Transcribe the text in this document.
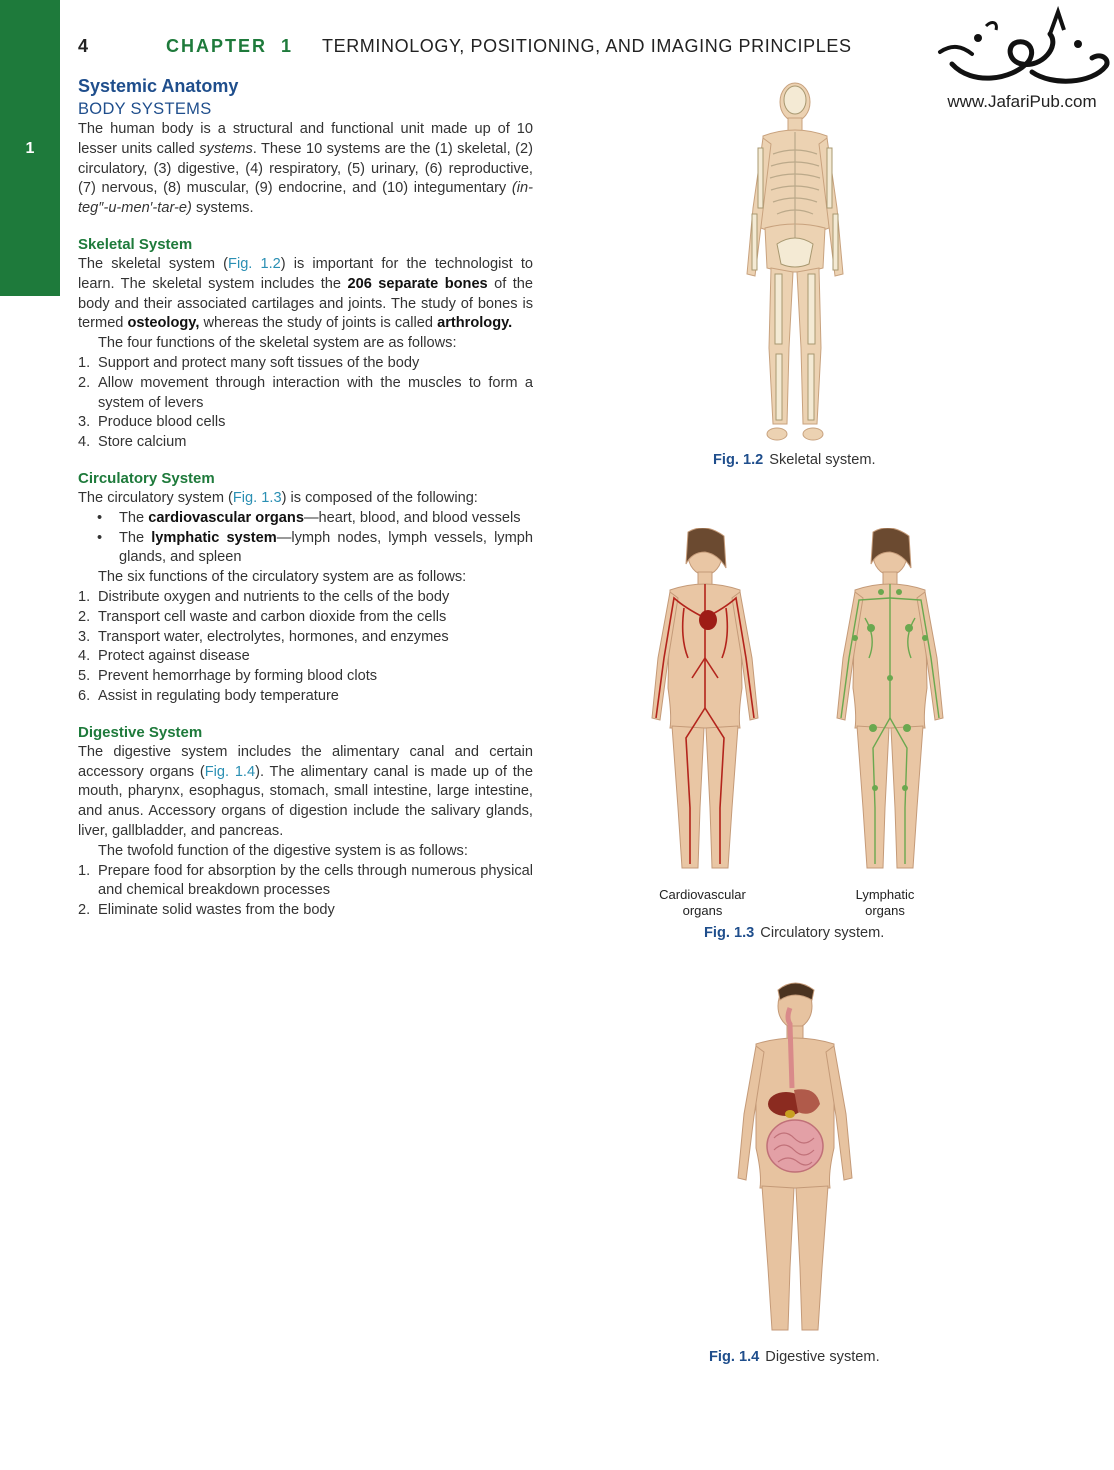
1
4	CHAPTER 1 TERMINOLOGY, POSITIONING, AND IMAGING PRINCIPLES
www.JafariPub.com
Systemic Anatomy
BODY SYSTEMS

The human body is a structural and functional unit made up of 10 lesser units called systems. These 10 systems are the (1) skeletal, (2) circulatory, (3) digestive, (4) respiratory, (5) urinary, (6) reproductive, (7) nervous, (8) muscular, (9) endocrine, and (10) integumentary (in-teg″-u-men′-tar-e) systems.

Skeletal System

The skeletal system (Fig. 1.2) is important for the technologist to learn. The skeletal system includes the 206 separate bones of the body and their associated cartilages and joints. The study of bones is termed osteology, whereas the study of joints is called arthrology.

The four functions of the skeletal system are as follows:

1. Support and protect many soft tissues of the body
2. Allow movement through interaction with the muscles to form a system of levers
3. Produce blood cells
4. Store calcium
Circulatory System

The circulatory system (Fig. 1.3) is composed of the following:

• The cardiovascular organs—heart, blood, and blood vessels
• The lymphatic system—lymph nodes, lymph vessels, lymph glands, and spleen

The six functions of the circulatory system are as follows:

1. Distribute oxygen and nutrients to the cells of the body
2. Transport cell waste and carbon dioxide from the cells
3. Transport water, electrolytes, hormones, and enzymes
4. Protect against disease
5. Prevent hemorrhage by forming blood clots
6. Assist in regulating body temperature
Digestive System

The digestive system includes the alimentary canal and certain accessory organs (Fig. 1.4). The alimentary canal is made up of the mouth, pharynx, esophagus, stomach, small intestine, large intestine, and anus. Accessory organs of digestion include the salivary glands, liver, gallbladder, and pancreas.

The twofold function of the digestive system is as follows:

1. Prepare food for absorption by the cells through numerous physical and chemical breakdown processes
2. Eliminate solid wastes from the body
Fig. 1.2 Skeletal system.
Cardiovascular
organs
Lymphatic
organs
Fig. 1.3 Circulatory system.
Fig. 1.4 Digestive system.
